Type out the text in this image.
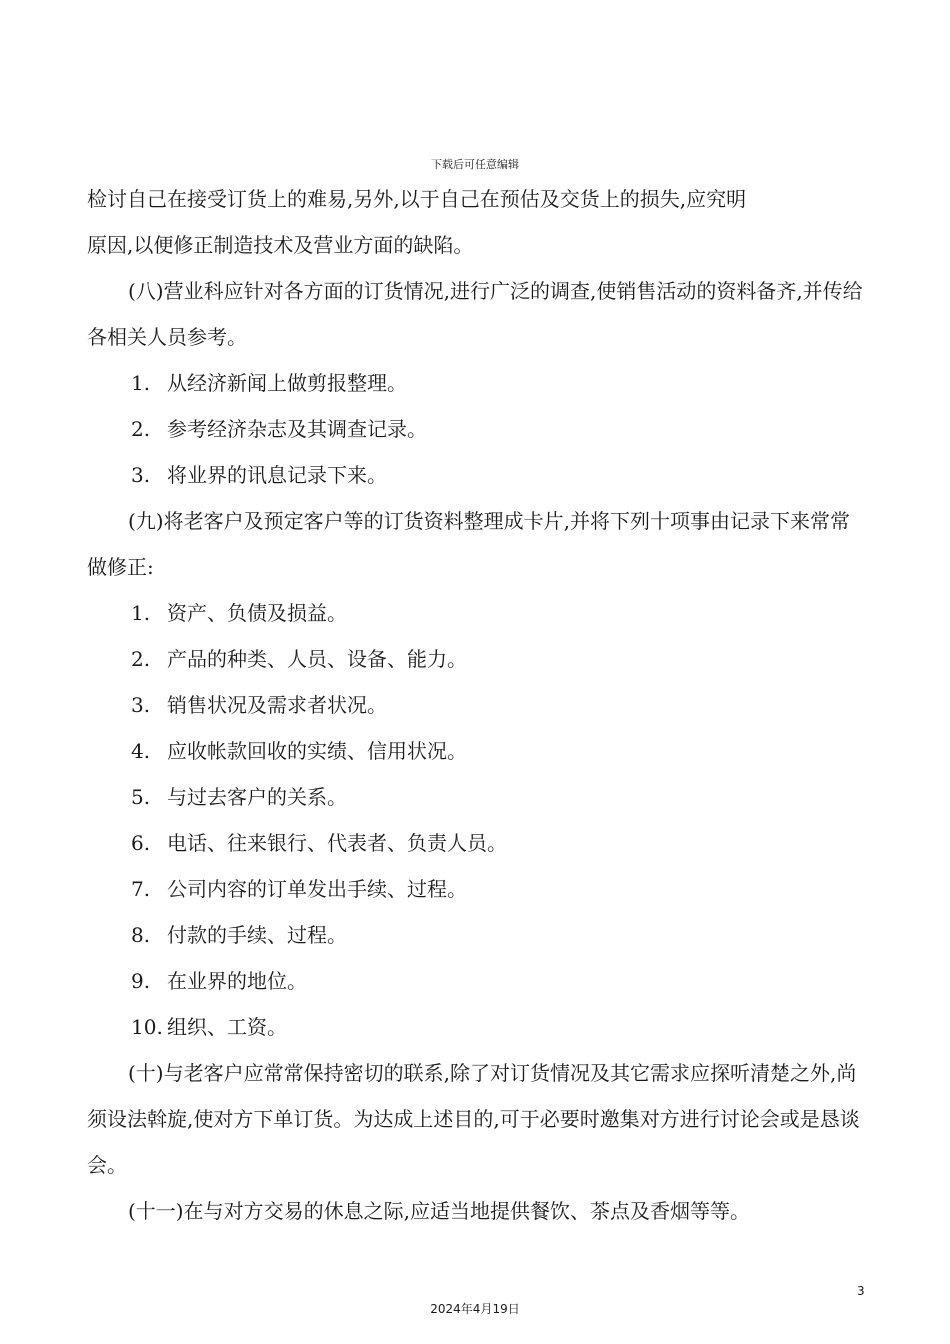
下载后可任意编辑

检讨自己在接受订货上的难易,另外,以于自己在预估及交货上的损失,应究明

原因,以便修正制造技术及营业方面的缺陷。

(八)营业科应针对各方面的订货情况,进行广泛的调查,使销售活动的资料备齐,并传给各相关人员参考。

1. 从经济新闻上做剪报整理。

2. 参考经济杂志及其调查记录。

3. 将业界的讯息记录下来。

(九)将老客户及预定客户等的订货资料整理成卡片,并将下列十项事由记录下来常常做修正:

1. 资产、负债及损益。

2. 产品的种类、人员、设备、能力。

3. 销售状况及需求者状况。

4. 应收帐款回收的实绩、信用状况。

5. 与过去客户的关系。

6. 电话、往来银行、代表者、负责人员。

7. 公司内容的订单发出手续、过程。

8. 付款的手续、过程。

9. 在业界的地位。

10. 组织、工资。

(十)与老客户应常常保持密切的联系,除了对订货情况及其它需求应探听清楚之外,尚须设法斡旋,使对方下单订货。为达成上述目的,可于必要时邀集对方进行讨论会或是恳谈会。

(十一)在与对方交易的休息之际,应适当地提供餐饮、茶点及香烟等等。

3
2024年4月19日
